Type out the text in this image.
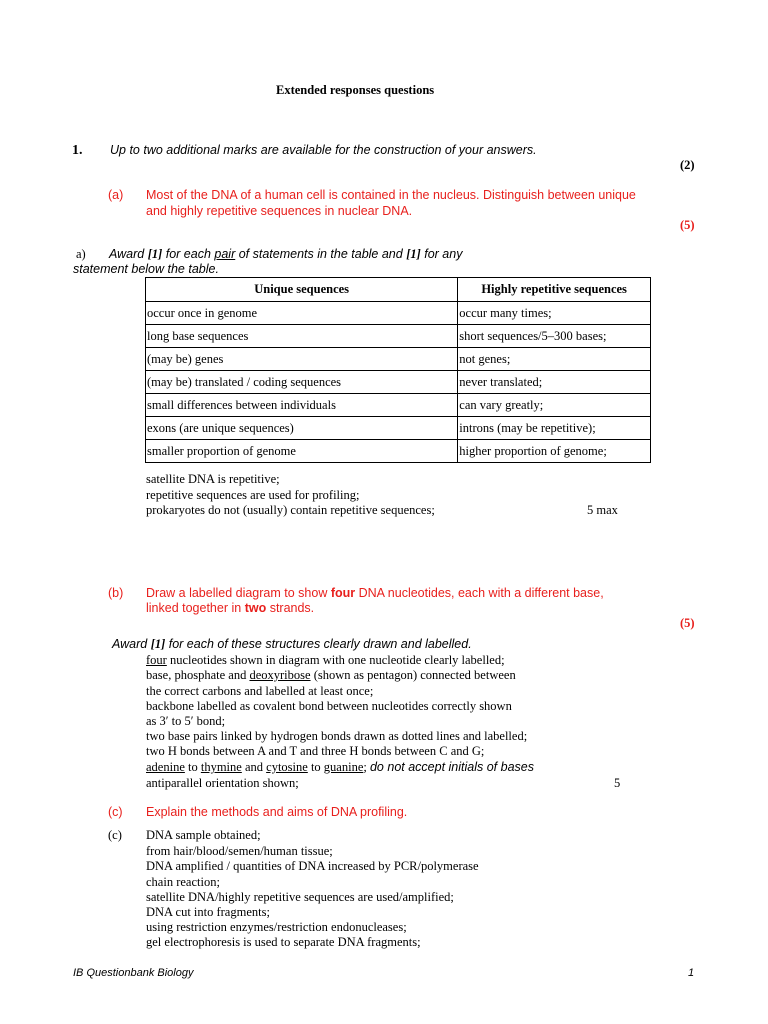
Extended responses questions
1. Up to two additional marks are available for the construction of your answers.
(2)
(a) Most of the DNA of a human cell is contained in the nucleus. Distinguish between unique
and highly repetitive sequences in nuclear DNA.
(5)
a) Award [1] for each pair of statements in the table and [1] for any
statement below the table.
Unique sequences	Highly repetitive sequences
occur once in genome	occur many times;
long base sequences	short sequences/5–300 bases;
(may be) genes	not genes;
(may be) translated / coding sequences	never translated;
small differences between individuals	can vary greatly;
exons (are unique sequences)	introns (may be repetitive);
smaller proportion of genome	higher proportion of genome;
satellite DNA is repetitive;
repetitive sequences are used for profiling;
prokaryotes do not (usually) contain repetitive sequences;	5 max
(b) Draw a labelled diagram to show four DNA nucleotides, each with a different base,
linked together in two strands.
(5)
Award [1] for each of these structures clearly drawn and labelled.
four nucleotides shown in diagram with one nucleotide clearly labelled;
base, phosphate and deoxyribose (shown as pentagon) connected between
the correct carbons and labelled at least once;
backbone labelled as covalent bond between nucleotides correctly shown
as 3′ to 5′ bond;
two base pairs linked by hydrogen bonds drawn as dotted lines and labelled;
two H bonds between A and T and three H bonds between C and G;
adenine to thymine and cytosine to guanine; do not accept initials of bases
antiparallel orientation shown;	5
(c) Explain the methods and aims of DNA profiling.
(c) DNA sample obtained;
from hair/blood/semen/human tissue;
DNA amplified / quantities of DNA increased by PCR/polymerase
chain reaction;
satellite DNA/highly repetitive sequences are used/amplified;
DNA cut into fragments;
using restriction enzymes/restriction endonucleases;
gel electrophoresis is used to separate DNA fragments;
IB Questionbank Biology	1
